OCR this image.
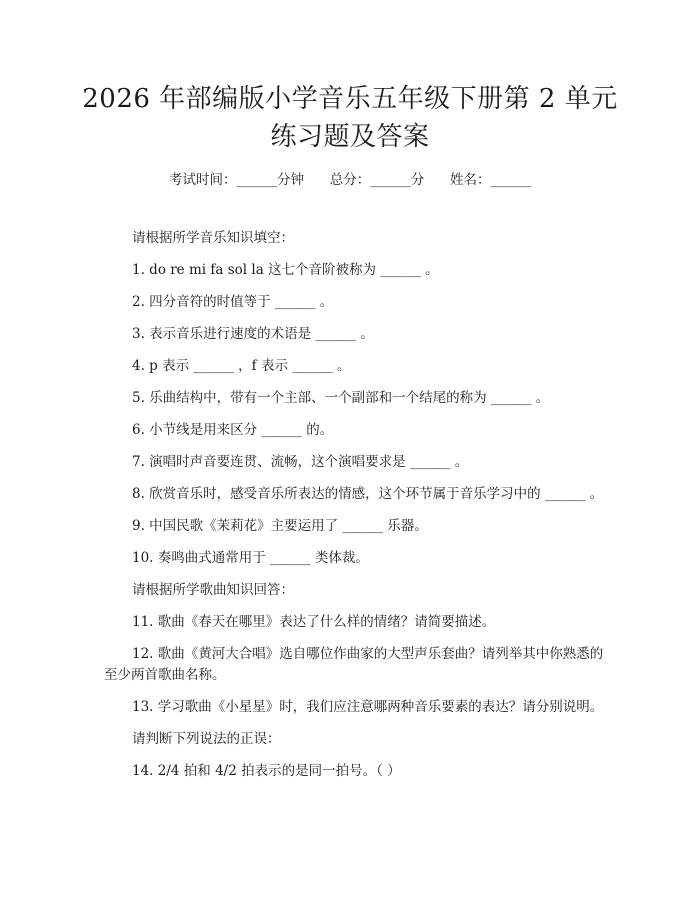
2026 年部编版小学音乐五年级下册第 2 单元
练习题及答案
考试时间：______分钟 总分：______分 姓名：______

请根据所学音乐知识填空：

1. do re mi fa sol la 这七个音阶被称为 ______ 。

2. 四分音符的时值等于 ______ 。

3. 表示音乐进行速度的术语是 ______ 。

4. p 表示 ______ ，f 表示 ______ 。

5. 乐曲结构中，带有一个主部、一个副部和一个结尾的称为 ______ 。

6. 小节线是用来区分 ______ 的。

7. 演唱时声音要连贯、流畅，这个演唱要求是 ______ 。

8. 欣赏音乐时，感受音乐所表达的情感，这个环节属于音乐学习中的 ______ 。

9. 中国民歌《茉莉花》主要运用了 ______ 乐器。

10. 奏鸣曲式通常用于 ______ 类体裁。

请根据所学歌曲知识回答：

11. 歌曲《春天在哪里》表达了什么样的情绪？请简要描述。

12. 歌曲《黄河大合唱》选自哪位作曲家的大型声乐套曲？请列举其中你熟悉的至少两首歌曲名称。

13. 学习歌曲《小星星》时，我们应注意哪两种音乐要素的表达？请分别说明。

请判断下列说法的正误：

14. 2/4 拍和 4/2 拍表示的是同一拍号。（ ）
